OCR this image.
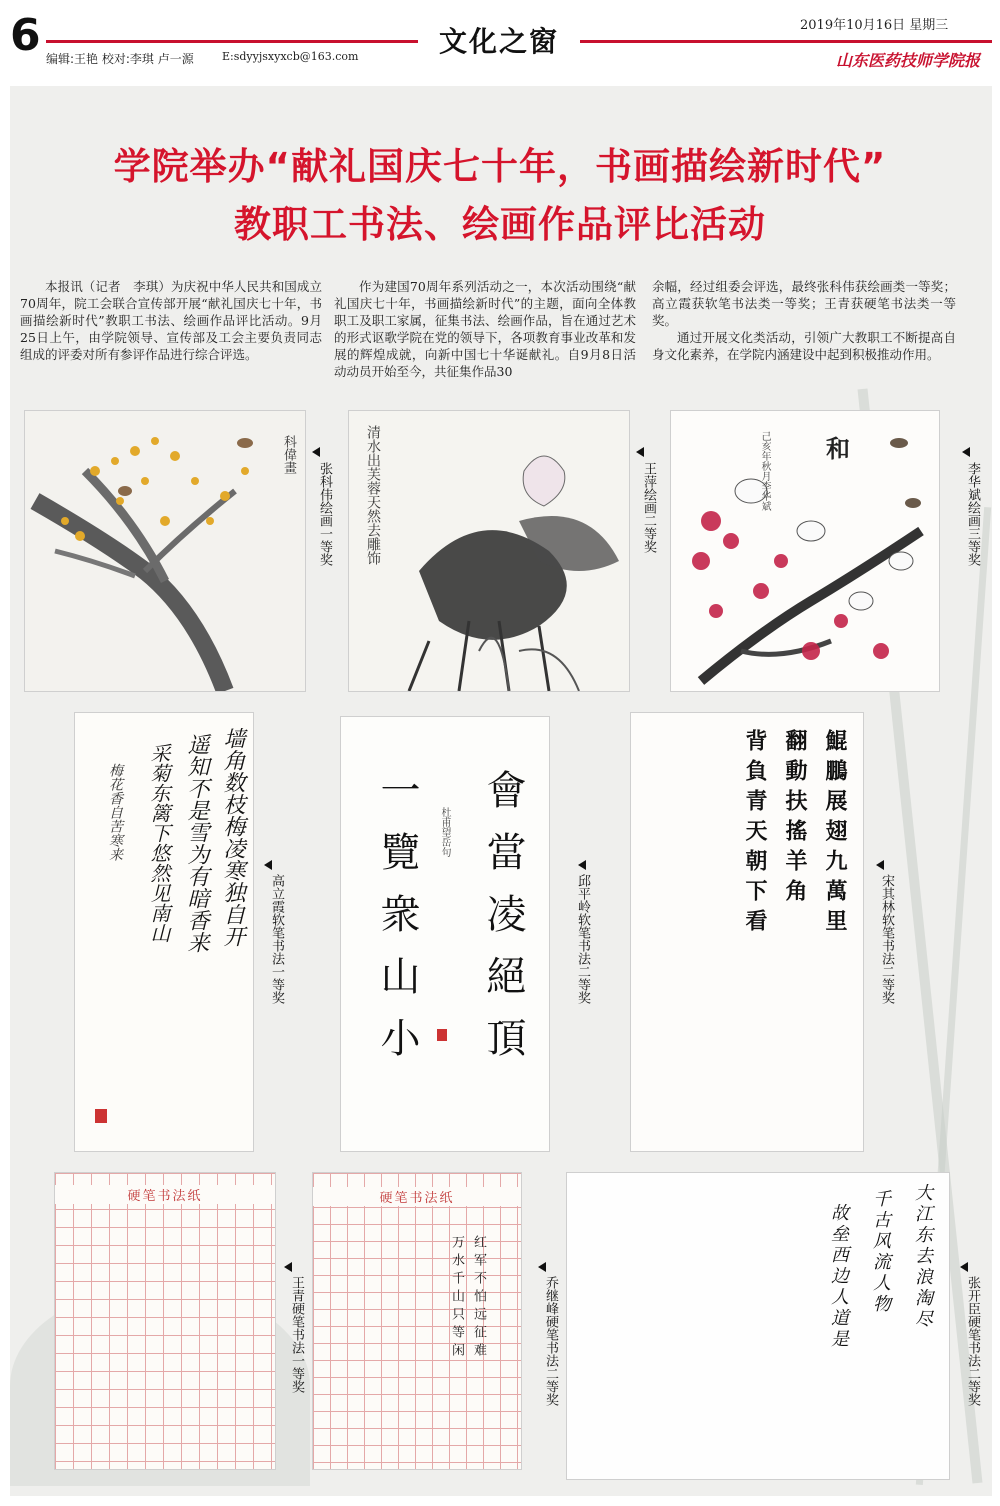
6	文化之窗	2019年10月16日 星期三
编辑:王艳 校对:李琪 卢一源	E:sdyyjsxyxcb@163.com	山东医药技师学院报
学院举办“献礼国庆七十年，书画描绘新时代”
教职工书法、绘画作品评比活动

本报讯（记者　李琪）为庆祝中华人民共和国成立70周年，院工会联合宣传部开展“献礼国庆七十年，书画描绘新时代”教职工书法、绘画作品评比活动。9月25日上午，由学院领导、宣传部及工会主要负责同志组成的评委对所有参评作品进行综合评选。

作为建国70周年系列活动之一，本次活动围绕“献礼国庆七十年，书画描绘新时代”的主题，面向全体教职工及职工家属，征集书法、绘画作品，旨在通过艺术的形式讴歌学院在党的领导下，各项教育事业改革和发展的辉煌成就，向新中国七十华诞献礼。自9月8日活动动员开始至今，共征集作品30

余幅，经过组委会评选，最终张科伟获绘画类一等奖；高立霞获软笔书法类一等奖；王青获硬笔书法类一等奖。

通过开展文化类活动，引领广大教职工不断提高自身文化素养，在学院内涵建设中起到积极推动作用。

科偉畫
张科伟绘画一等奖 清水出芙蓉天然去雕饰	王萍绘画二等奖
和
己亥年秋月李华斌	李华斌绘画三等奖
墙角数枝梅凌寒独自开
遥知不是雪为有暗香来
采菊东篱下悠然见南山
梅花香自苦寒来
高立霞软笔书法一等奖	會當凌絕頂
一覽衆山小 杜甫望岳句
邱平岭软笔书法二等奖	鯤鵬展翅九萬里
翻動扶搖羊角
背負青天朝下看	宋其林软笔书法二等奖
硬笔书法纸
王青硬笔书法一等奖
硬笔书法纸
红军不怕远征难
万水千山只等闲	乔继峰硬笔书法二等奖
大江东去浪淘尽
千古风流人物
故垒西边人道是	张开臣硬笔书法二等奖
